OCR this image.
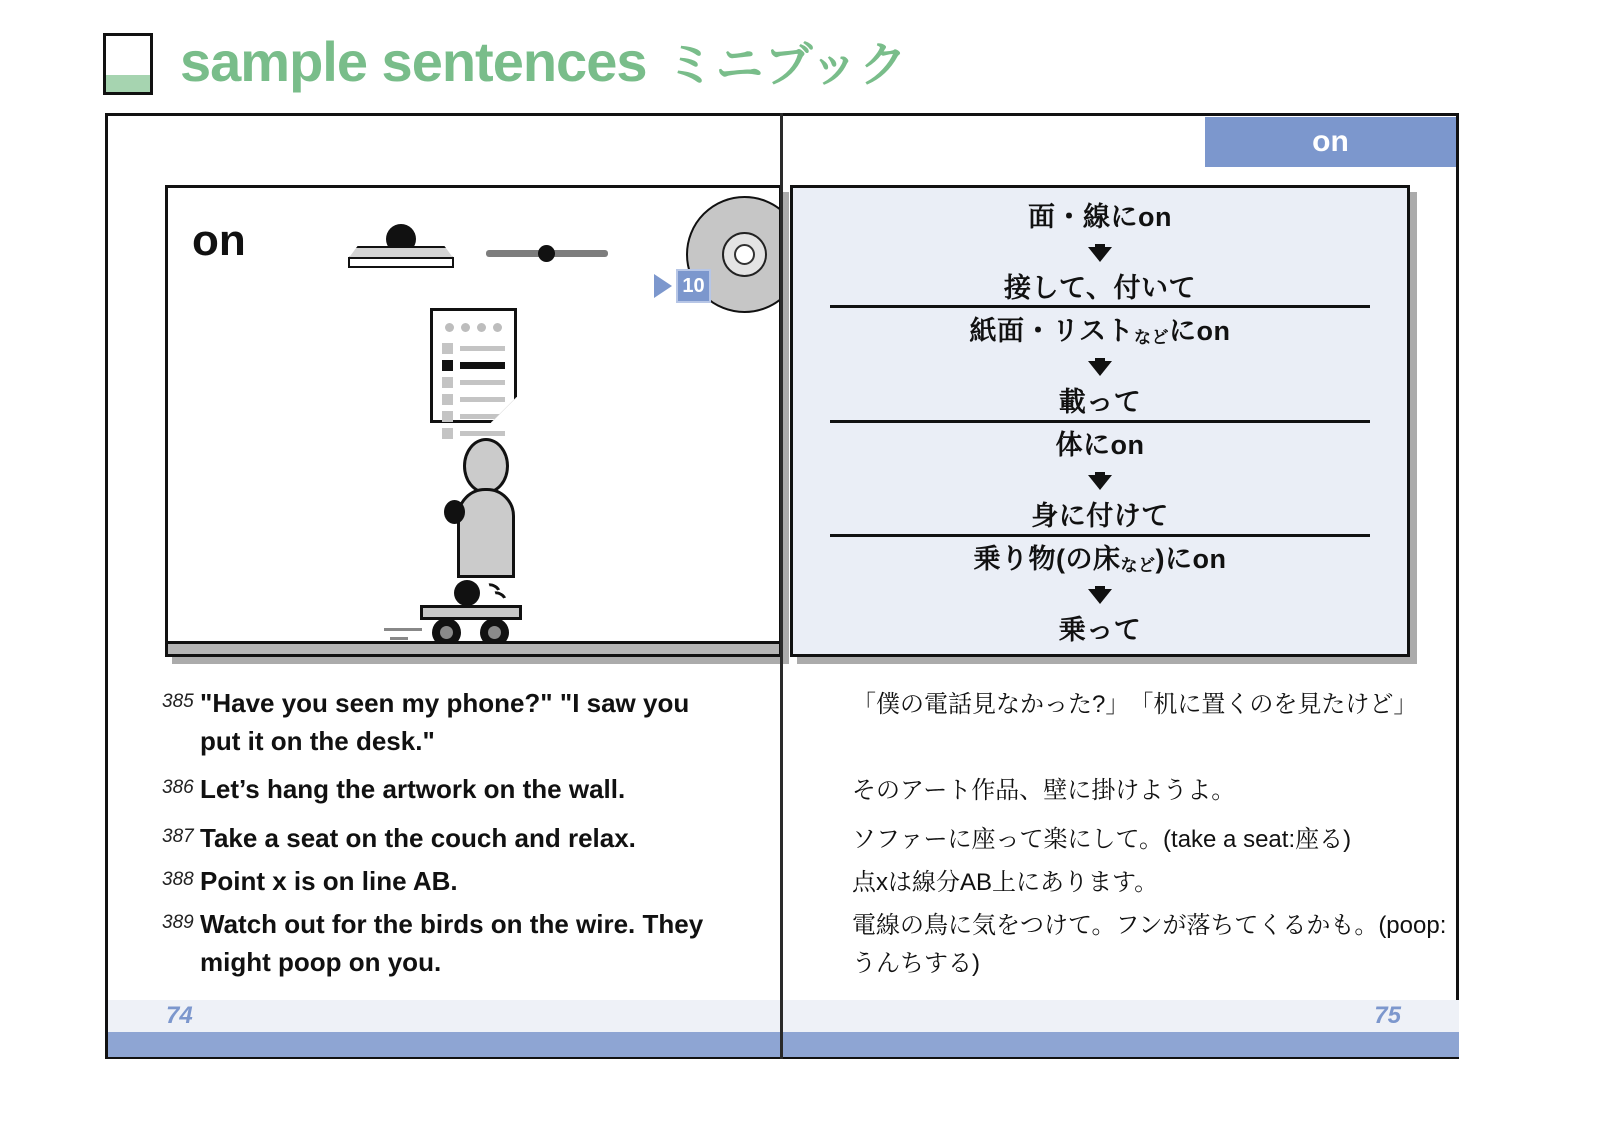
sample sentences ミニブック
on
on
10
面・線にon
接して、付いて
紙面・リストなどにon
載って
体にon
身に付けて
乗り物(の床など)にon
乗って
385 "Have you seen my phone?" "I saw you put it on the desk."
386 Let’s hang the artwork on the wall.
387 Take a seat on the couch and relax.
388 Point x is on line AB.
389 Watch out for the birds on the wire. They might poop on you.
「僕の電話見なかった?」　「机に置くのを見たけど」
そのアート作品、壁に掛けようよ。
ソファーに座って楽にして。(take a seat:座る)
点xは線分AB上にあります。
電線の鳥に気をつけて。フンが落ちてくるかも。(poop: うんちする)
74	75
